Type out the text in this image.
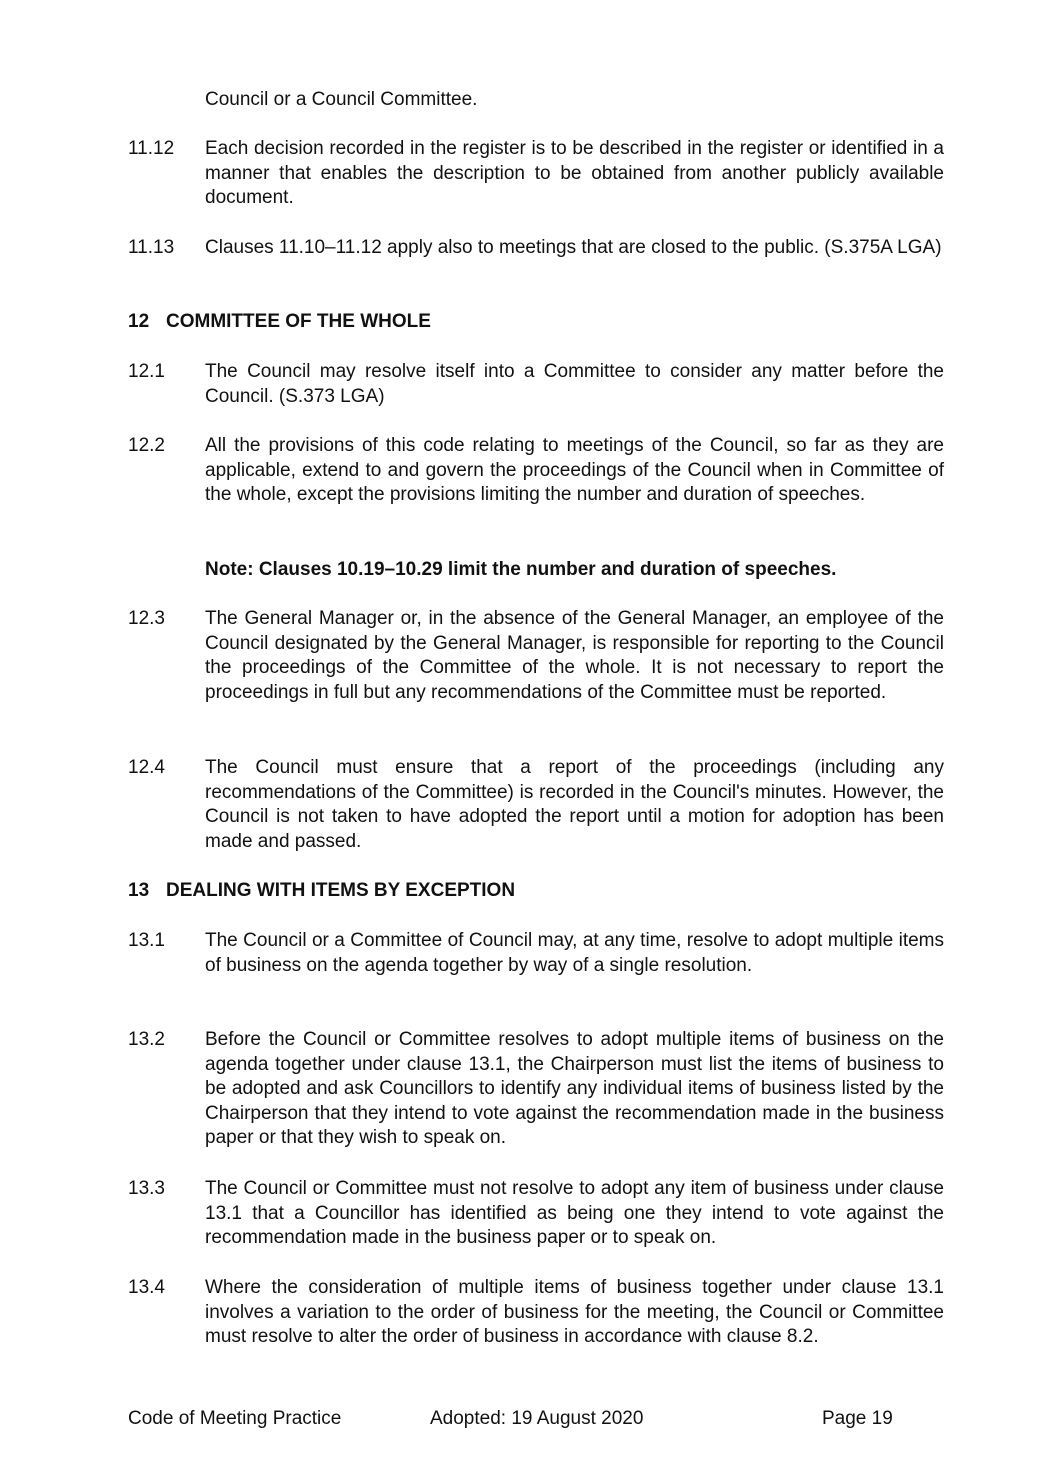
Council or a Council Committee.
11.12	Each decision recorded in the register is to be described in the register or identified in a manner that enables the description to be obtained from another publicly available document.
11.13	Clauses 11.10–11.12 apply also to meetings that are closed to the public. (S.375A LGA)
12 COMMITTEE OF THE WHOLE
12.1	The Council may resolve itself into a Committee to consider any matter before the Council. (S.373 LGA)
12.2	All the provisions of this code relating to meetings of the Council, so far as they are applicable, extend to and govern the proceedings of the Council when in Committee of the whole, except the provisions limiting the number and duration of speeches.
Note: Clauses 10.19–10.29 limit the number and duration of speeches.
12.3	The General Manager or, in the absence of the General Manager, an employee of the Council designated by the General Manager, is responsible for reporting to the Council the proceedings of the Committee of the whole. It is not necessary to report the proceedings in full but any recommendations of the Committee must be reported.
12.4	The Council must ensure that a report of the proceedings (including any recommendations of the Committee) is recorded in the Council's minutes. However, the Council is not taken to have adopted the report until a motion for adoption has been made and passed.
13 DEALING WITH ITEMS BY EXCEPTION
13.1	The Council or a Committee of Council may, at any time, resolve to adopt multiple items of business on the agenda together by way of a single resolution.
13.2	Before the Council or Committee resolves to adopt multiple items of business on the agenda together under clause 13.1, the Chairperson must list the items of business to be adopted and ask Councillors to identify any individual items of business listed by the Chairperson that they intend to vote against the recommendation made in the business paper or that they wish to speak on.
13.3	The Council or Committee must not resolve to adopt any item of business under clause 13.1 that a Councillor has identified as being one they intend to vote against the recommendation made in the business paper or to speak on.
13.4	Where the consideration of multiple items of business together under clause 13.1 involves a variation to the order of business for the meeting, the Council or Committee must resolve to alter the order of business in accordance with clause 8.2.
Code of Meeting Practice	Adopted: 19 August 2020	Page 19
